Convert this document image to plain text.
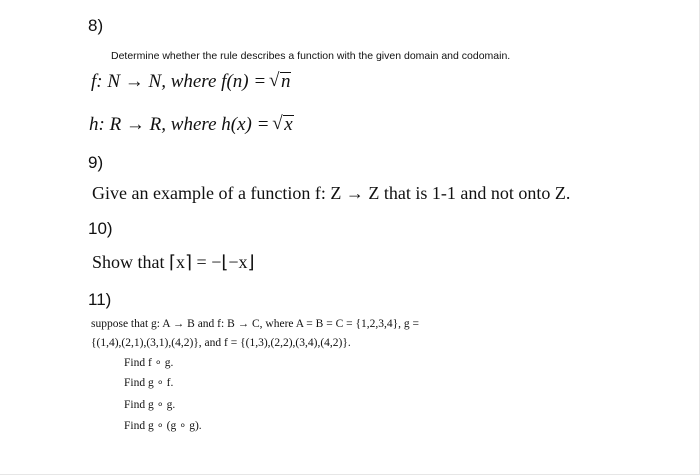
8)
Determine whether the rule describes a function with the given domain and codomain.
f: N → N, where f(n) = √ n
h: R → R, where h(x) = √ x
9)
Give an example of a function f: Z → Z that is 1-1 and not onto Z.
10)
Show that ⌈x⌉ = −⌊−x⌋
11)
suppose that g: A → B and f: B → C, where A = B = C = {1,2,3,4}, g =
{(1,4),(2,1),(3,1),(4,2)}, and f = {(1,3),(2,2),(3,4),(4,2)}.
Find f ∘ g.
Find g ∘ f.
Find g ∘ g.
Find g ∘ (g ∘ g).
